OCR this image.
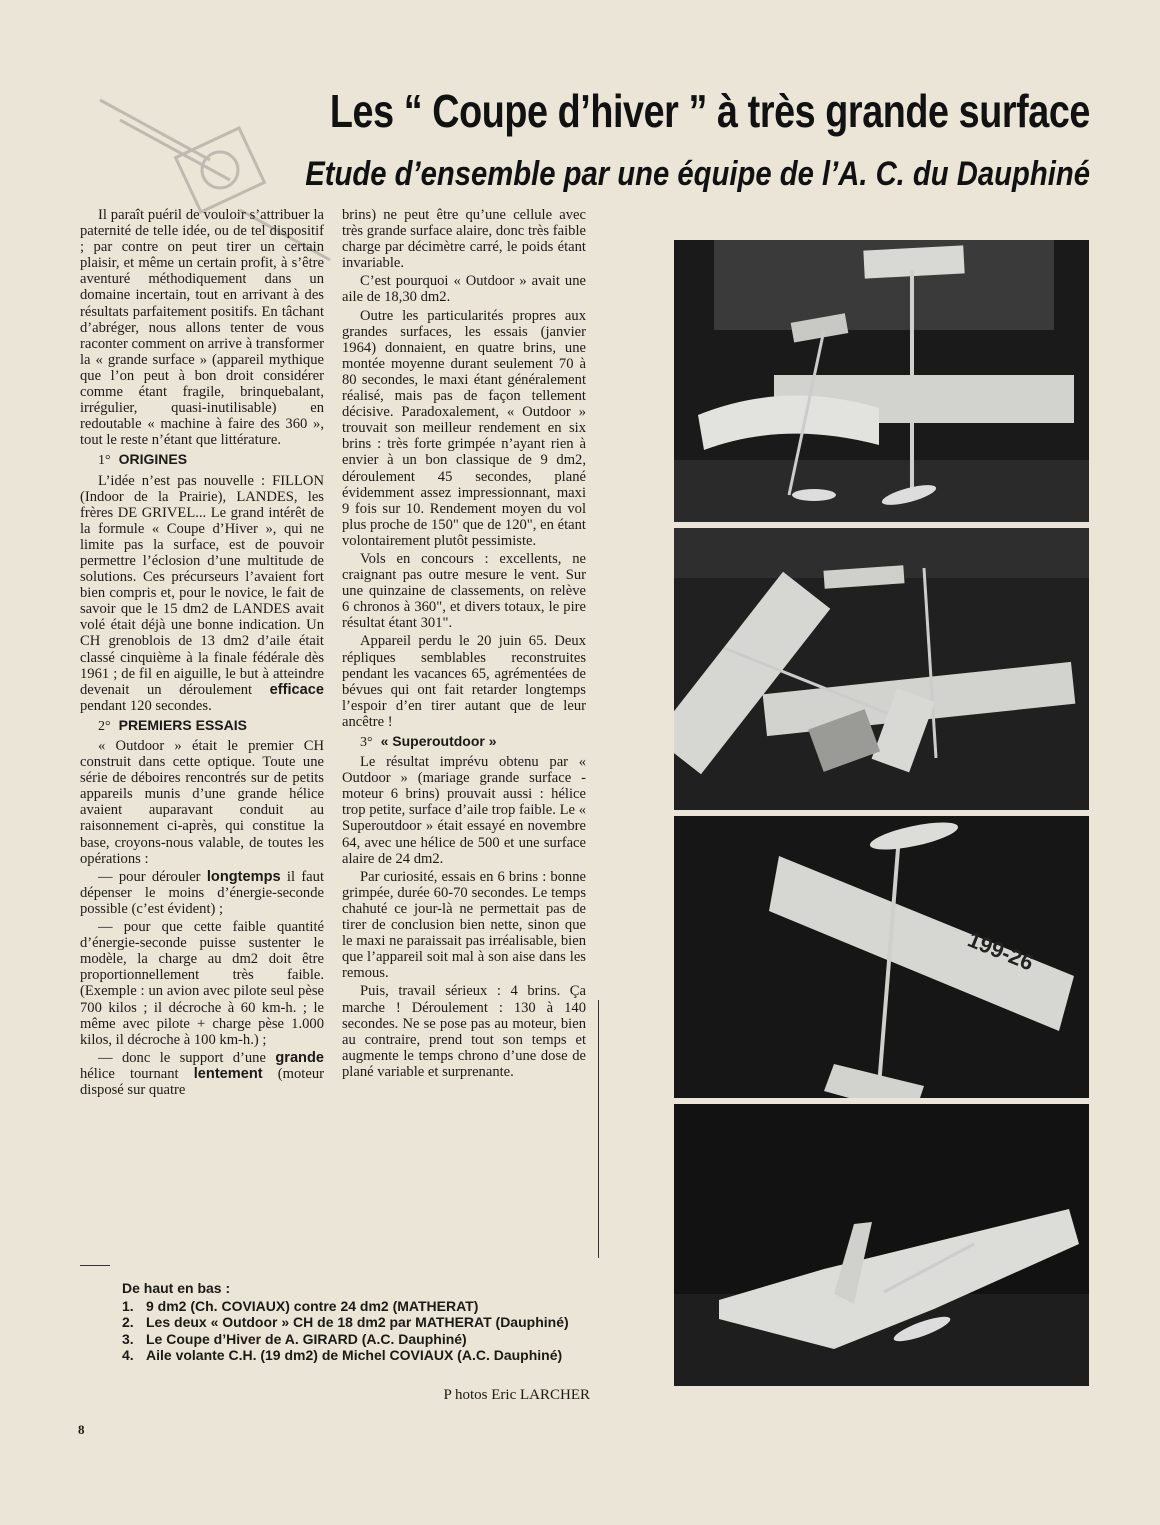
Les “ Coupe d’hiver ” à très grande surface
Etude d’ensemble par une équipe de l’A. C. du Dauphiné

Il paraît puéril de vouloir s’attribuer la paternité de telle idée, ou de tel dispositif ; par contre on peut tirer un certain plaisir, et même un certain profit, à s’être aventuré méthodiquement dans un domaine incertain, tout en arrivant à des résultats parfaitement positifs. En tâchant d’abréger, nous allons tenter de vous raconter comment on arrive à transformer la « grande surface » (appareil mythique que l’on peut à bon droit considérer comme étant fragile, brinquebalant, irrégulier, quasi-inutilisable) en redoutable « machine à faire des 360 », tout le reste n’étant que littérature.

1° ORIGINES

L’idée n’est pas nouvelle : FILLON (Indoor de la Prairie), LANDES, les frères DE GRIVEL... Le grand intérêt de la formule « Coupe d’Hiver », qui ne limite pas la surface, est de pouvoir permettre l’éclosion d’une multitude de solutions. Ces précurseurs l’avaient fort bien compris et, pour le novice, le fait de savoir que le 15 dm2 de LANDES avait volé était déjà une bonne indication. Un CH grenoblois de 13 dm2 d’aile était classé cinquième à la finale fédérale dès 1961 ; de fil en aiguille, le but à atteindre devenait un déroulement efficace pendant 120 secondes.

2° PREMIERS ESSAIS

« Outdoor » était le premier CH construit dans cette optique. Toute une série de déboires rencontrés sur de petits appareils munis d’une grande hélice avaient auparavant conduit au raisonnement ci-après, qui constitue la base, croyons-nous valable, de toutes les opérations :

— pour dérouler longtemps il faut dépenser le moins d’énergie-seconde possible (c’est évident) ;

— pour que cette faible quantité d’énergie-seconde puisse sustenter le modèle, la charge au dm2 doit être proportionnellement très faible. (Exemple : un avion avec pilote seul pèse 700 kilos ; il décroche à 60 km-h. ; le même avec pilote + charge pèse 1.000 kilos, il décroche à 100 km-h.) ;

— donc le support d’une grande hélice tournant lentement (moteur disposé sur quatre

brins) ne peut être qu’une cellule avec très grande surface alaire, donc très faible charge par décimètre carré, le poids étant invariable.

C’est pourquoi « Outdoor » avait une aile de 18,30 dm2.

Outre les particularités propres aux grandes surfaces, les essais (janvier 1964) donnaient, en quatre brins, une montée moyenne durant seulement 70 à 80 secondes, le maxi étant généralement réalisé, mais pas de façon tellement décisive. Paradoxalement, « Outdoor » trouvait son meilleur rendement en six brins : très forte grimpée n’ayant rien à envier à un bon classique de 9 dm2, déroulement 45 secondes, plané évidemment assez impressionnant, maxi 9 fois sur 10. Rendement moyen du vol plus proche de 150" que de 120", en étant volontairement plutôt pessimiste.

Vols en concours : excellents, ne craignant pas outre mesure le vent. Sur une quinzaine de classements, on relève 6 chronos à 360", et divers totaux, le pire résultat étant 301".

Appareil perdu le 20 juin 65. Deux répliques semblables reconstruites pendant les vacances 65, agrémentées de bévues qui ont fait retarder longtemps l’espoir d’en tirer autant que de leur ancêtre !

3° « Superoutdoor »

Le résultat imprévu obtenu par « Outdoor » (mariage grande surface - moteur 6 brins) prouvait aussi : hélice trop petite, surface d’aile trop faible. Le « Superoutdoor » était essayé en novembre 64, avec une hélice de 500 et une surface alaire de 24 dm2.

Par curiosité, essais en 6 brins : bonne grimpée, durée 60-70 secondes. Le temps chahuté ce jour-là ne permettait pas de tirer de conclusion bien nette, sinon que le maxi ne paraissait pas irréalisable, bien que l’appareil soit mal à son aise dans les remous.

Puis, travail sérieux : 4 brins. Ça marche ! Déroulement : 130 à 140 secondes. Ne se pose pas au moteur, bien au contraire, prend tout son temps et augmente le temps chrono d’une dose de plané variable et surprenante.

199-26
De haut en bas :
1. 9 dm2 (Ch. COVIAUX) contre 24 dm2 (MATHERAT)
2. Les deux « Outdoor » CH de 18 dm2 par MATHERAT (Dauphiné)
3. Le Coupe d’Hiver de A. GIRARD (A.C. Dauphiné)
4. Aile volante C.H. (19 dm2) de Michel COVIAUX (A.C. Dauphiné)
P hotos Eric LARCHER
8
